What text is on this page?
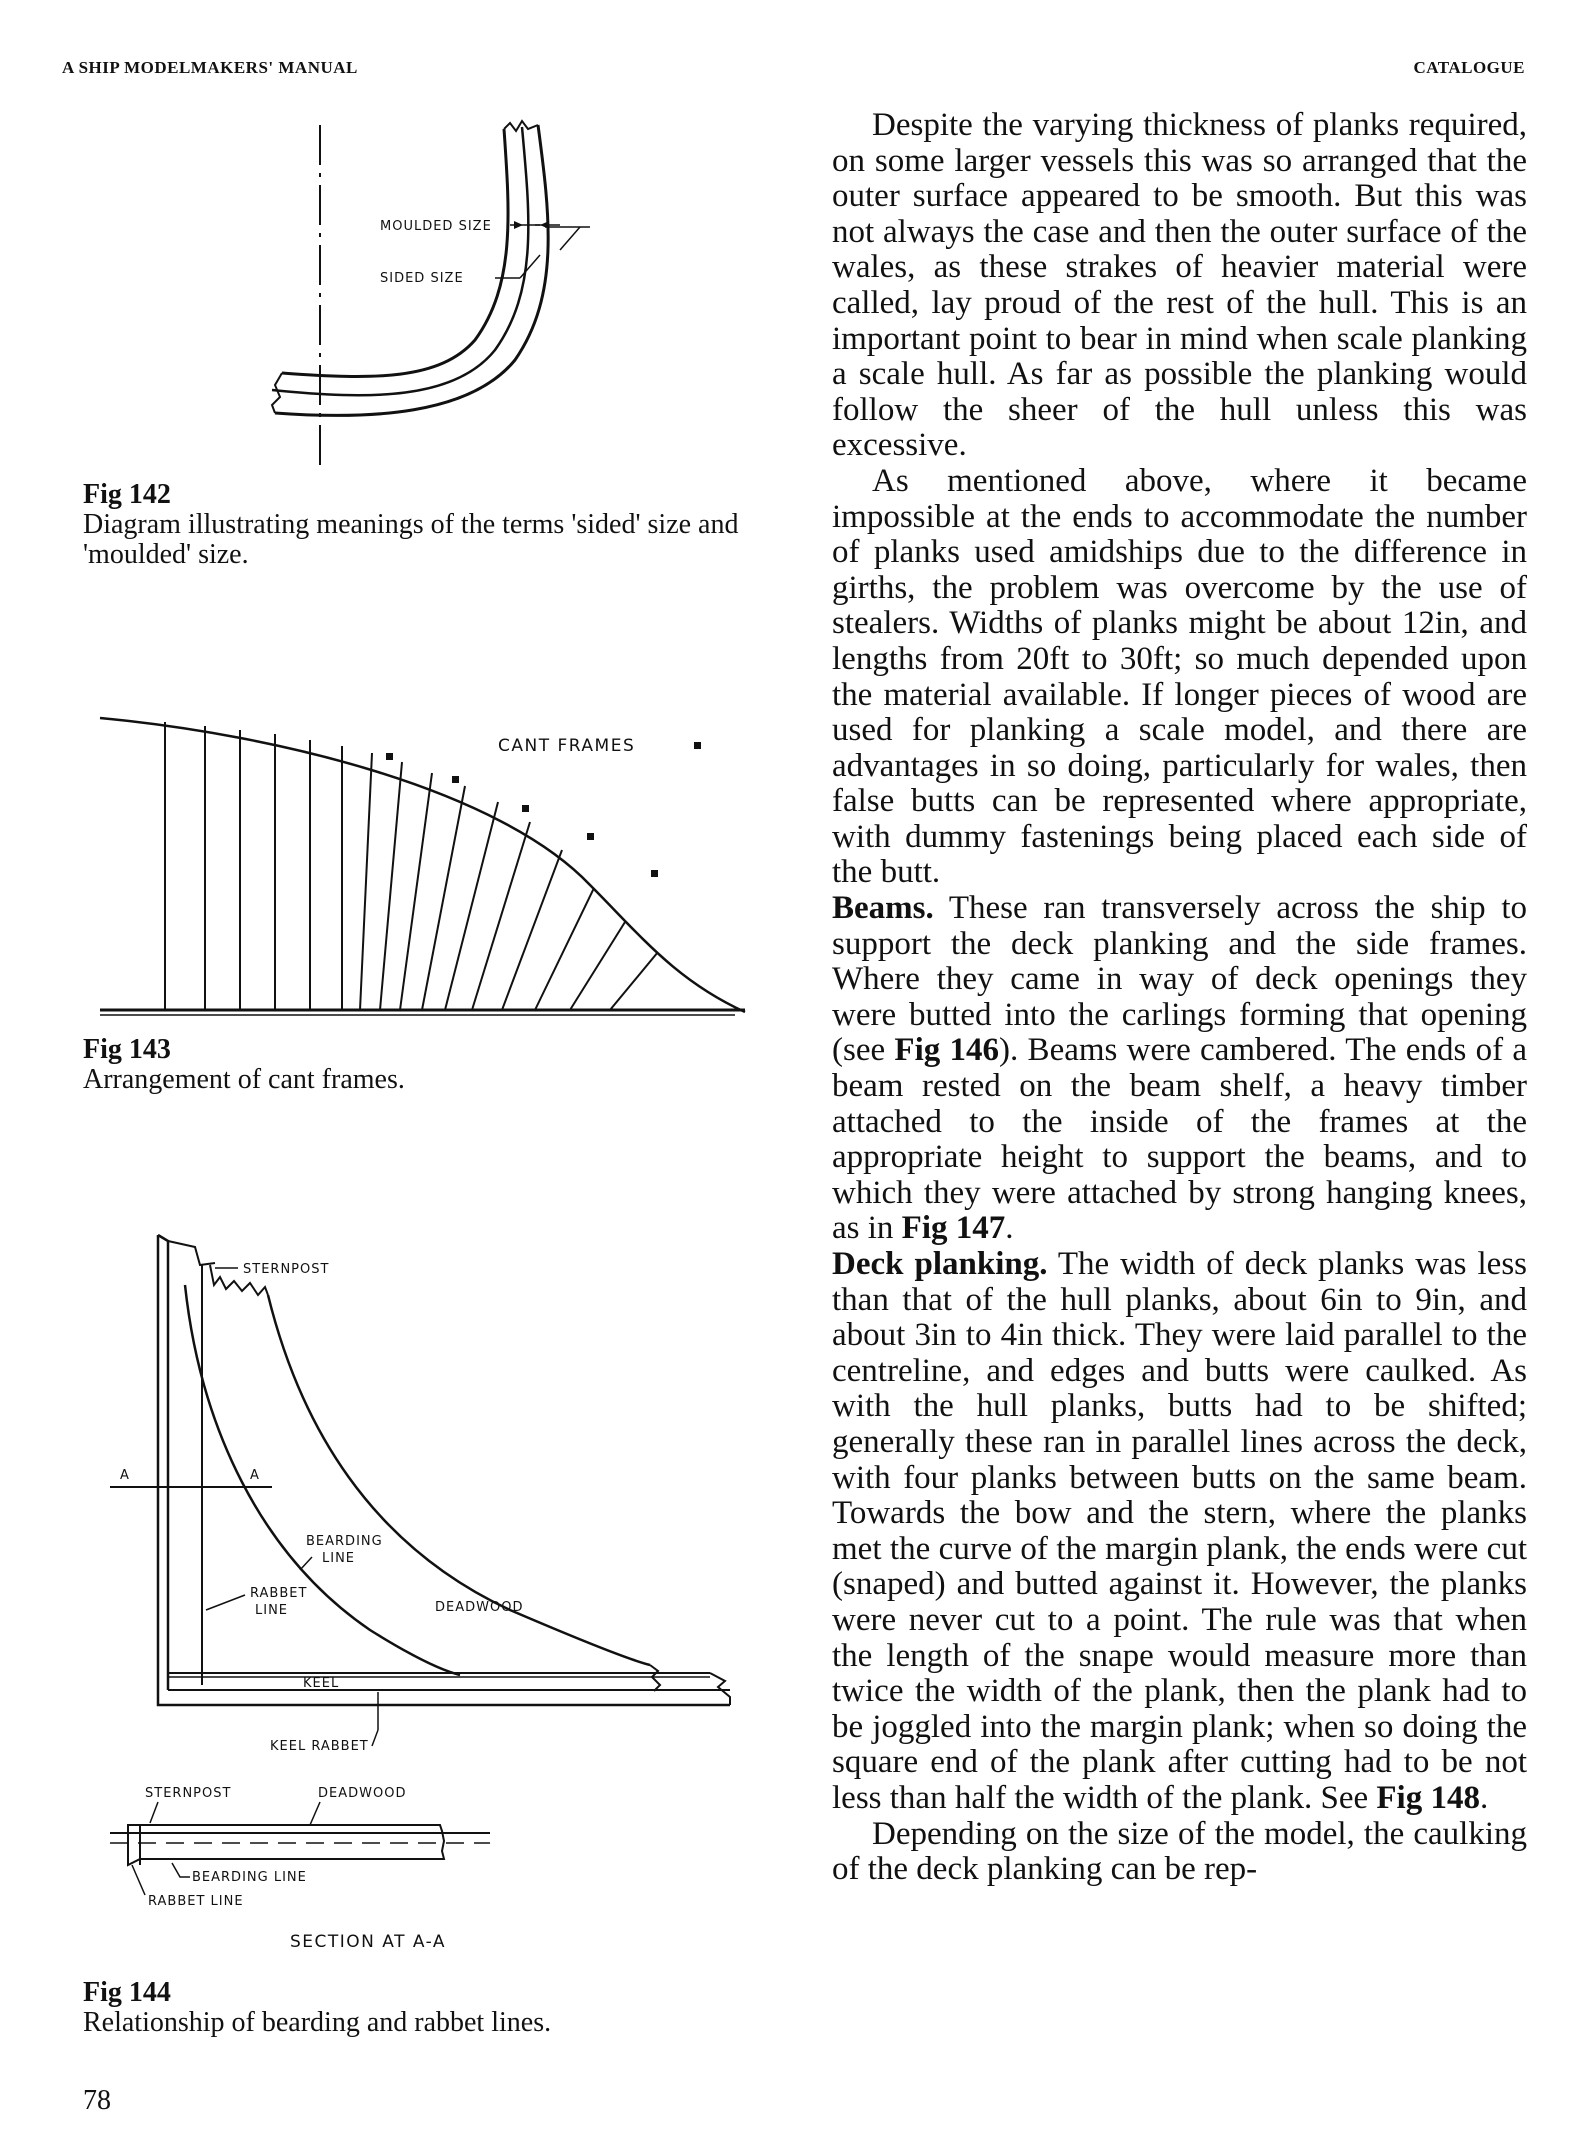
A SHIP MODELMAKERS' MANUAL	CATALOGUE
MOULDED SIZE
SIDED SIZE
Fig 142
Diagram illustrating meanings of the terms 'sided' size and 'moulded' size.
CANT FRAMES
Fig 143
Arrangement of cant frames.
A	A
STERNPOST
BEARDING
LINE
RABBET
LINE	DEADWOOD
KEEL
KEEL RABBET
STERNPOST	DEADWOOD
BEARDING LINE
RABBET LINE
SECTION AT A-A
Fig 144
Relationship of bearding and rabbet lines.

Despite the varying thickness of planks required, on some larger vessels this was so arranged that the outer surface appeared to be smooth. But this was not always the case and then the outer surface of the wales, as these strakes of heavier material were called, lay proud of the rest of the hull. This is an important point to bear in mind when scale planking a scale hull. As far as possible the planking would follow the sheer of the hull unless this was excessive.

As mentioned above, where it became impossible at the ends to accommodate the number of planks used amidships due to the difference in girths, the problem was overcome by the use of stealers. Widths of planks might be about 12in, and lengths from 20ft to 30ft; so much depended upon the material available. If longer pieces of wood are used for planking a scale model, and there are advantages in so doing, particularly for wales, then false butts can be represented where appropriate, with dummy fastenings being placed each side of the butt.

Beams. These ran transversely across the ship to support the deck planking and the side frames. Where they came in way of deck openings they were butted into the carlings forming that opening (see Fig 146). Beams were cambered. The ends of a beam rested on the beam shelf, a heavy timber attached to the inside of the frames at the appropriate height to support the beams, and to which they were attached by strong hanging knees, as in Fig 147.

Deck planking. The width of deck planks was less than that of the hull planks, about 6in to 9in, and about 3in to 4in thick. They were laid parallel to the centreline, and edges and butts were caulked. As with the hull planks, butts had to be shifted; generally these ran in parallel lines across the deck, with four planks between butts on the same beam. Towards the bow and the stern, where the planks met the curve of the margin plank, the ends were cut (snaped) and butted against it. However, the planks were never cut to a point. The rule was that when the length of the snape would measure more than twice the width of the plank, then the plank had to be joggled into the margin plank; when so doing the square end of the plank after cutting had to be not less than half the width of the plank. See Fig 148.

Depending on the size of the model, the caulking of the deck planking can be rep-

78
